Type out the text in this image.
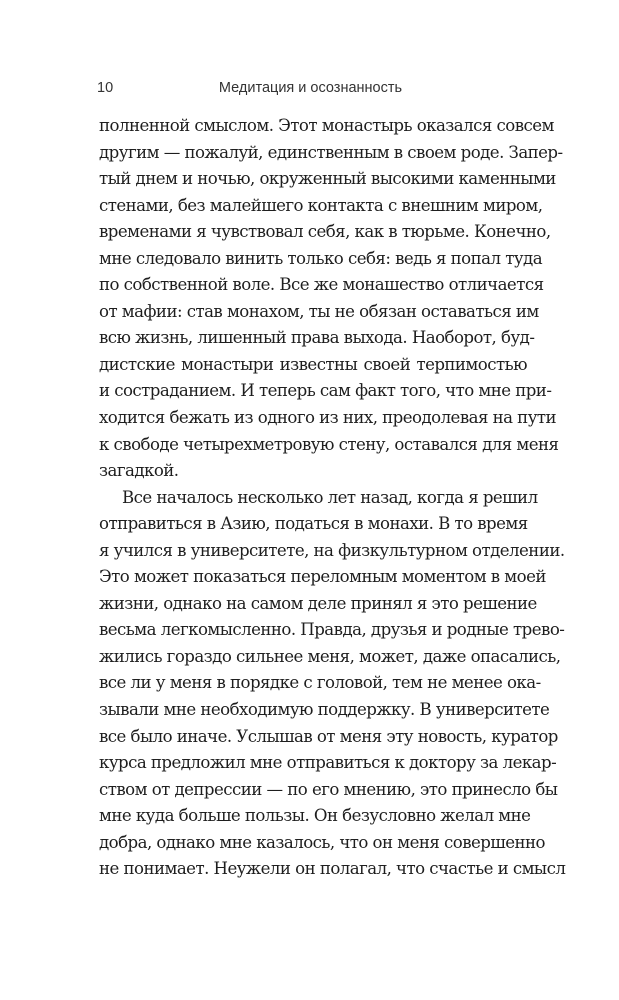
10	Медитация и осознанность

полненной смыслом. Этот монастырь оказался совсем
другим — пожалуй, единственным в своем роде. Запер-
тый днем и ночью, окруженный высокими каменными
стенами, без малейшего контакта с внешним миром,
временами я чувствовал себя, как в тюрьме. Конечно,
мне следовало винить только себя: ведь я попал туда
по собственной воле. Все же монашество отличается
от мафии: став монахом, ты не обязан оставаться им
всю жизнь, лишенный права выхода. Наоборот, буд-
дистские монастыри известны своей терпимостью
и состраданием. И теперь сам факт того, что мне при-
ходится бежать из одного из них, преодолевая на пути
к свободе четырехметровую стену, оставался для меня
загадкой.

Все началось несколько лет назад, когда я решил
отправиться в Азию, податься в монахи. В то время
я учился в университете, на физкультурном отделении.
Это может показаться переломным моментом в моей
жизни, однако на самом деле принял я это решение
весьма легкомысленно. Правда, друзья и родные трево-
жились гораздо сильнее меня, может, даже опасались,
все ли у меня в порядке с головой, тем не менее ока-
зывали мне необходимую поддержку. В университете
все было иначе. Услышав от меня эту новость, куратор
курса предложил мне отправиться к доктору за лекар-
ством от депрессии — по его мнению, это принесло бы
мне куда больше пользы. Он безусловно желал мне
добра, однако мне казалось, что он меня совершенно
не понимает. Неужели он полагал, что счастье и смысл
